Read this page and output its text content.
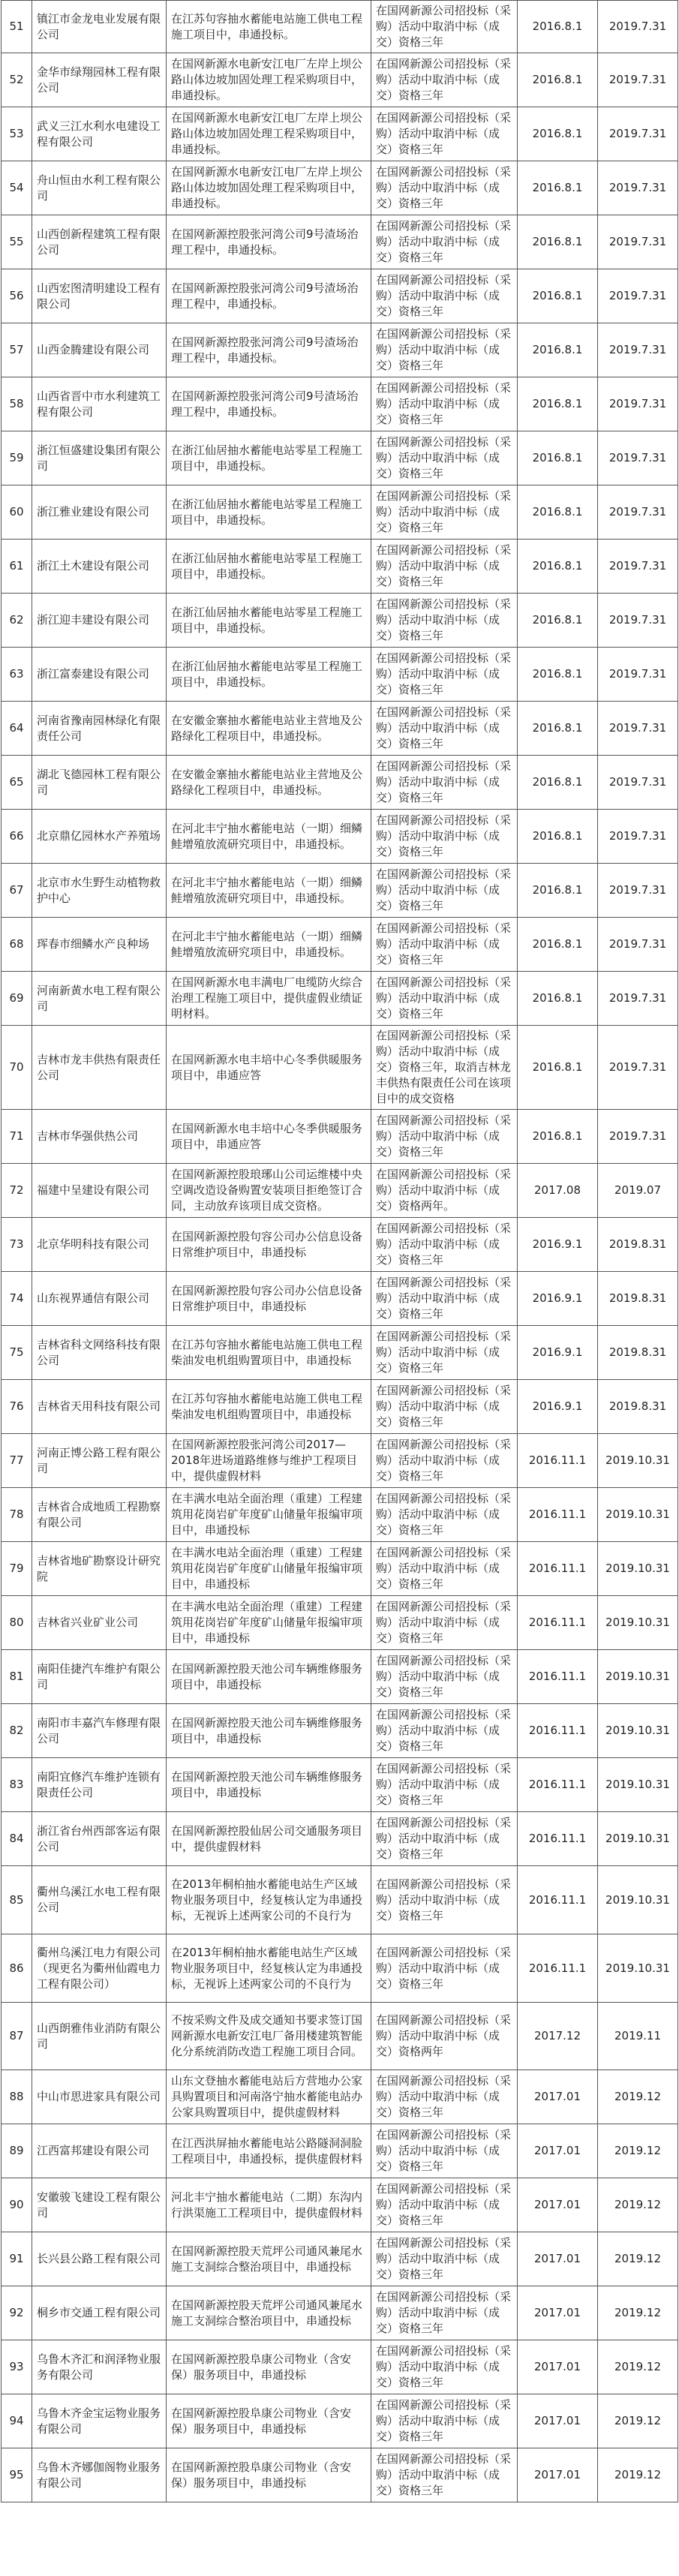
51	镇江市金龙电业发展有限公司	在江苏句容抽水蓄能电站施工供电工程施工项目中，串通投标。	在国网新源公司招投标（采购）活动中取消中标（成交）资格三年	2016.8.1	2019.7.31
52	金华市绿翔园林工程有限公司	在国网新源水电新安江电厂左岸上坝公路山体边坡加固处理工程采购项目中，串通投标。	在国网新源公司招投标（采购）活动中取消中标（成交）资格三年	2016.8.1	2019.7.31
53	武义三江水利水电建设工程有限公司	在国网新源水电新安江电厂左岸上坝公路山体边坡加固处理工程采购项目中，串通投标。	在国网新源公司招投标（采购）活动中取消中标（成交）资格三年	2016.8.1	2019.7.31
54	舟山恒由水利工程有限公司	在国网新源水电新安江电厂左岸上坝公路山体边坡加固处理工程采购项目中，串通投标。	在国网新源公司招投标（采购）活动中取消中标（成交）资格三年	2016.8.1	2019.7.31
55	山西创新程建筑工程有限公司	在国网新源控股张河湾公司9号渣场治理工程中，串通投标。	在国网新源公司招投标（采购）活动中取消中标（成交）资格三年	2016.8.1	2019.7.31
56	山西宏图清明建设工程有限公司	在国网新源控股张河湾公司9号渣场治理工程中，串通投标。	在国网新源公司招投标（采购）活动中取消中标（成交）资格三年	2016.8.1	2019.7.31
57	山西金腾建设有限公司	在国网新源控股张河湾公司9号渣场治理工程中，串通投标。	在国网新源公司招投标（采购）活动中取消中标（成交）资格三年	2016.8.1	2019.7.31
58	山西省晋中市水利建筑工程有限公司	在国网新源控股张河湾公司9号渣场治理工程中，串通投标。	在国网新源公司招投标（采购）活动中取消中标（成交）资格三年	2016.8.1	2019.7.31
59	浙江恒盛建设集团有限公司	在浙江仙居抽水蓄能电站零星工程施工项目中，串通投标。	在国网新源公司招投标（采购）活动中取消中标（成交）资格三年	2016.8.1	2019.7.31
60	浙江雅业建设有限公司	在浙江仙居抽水蓄能电站零星工程施工项目中，串通投标。	在国网新源公司招投标（采购）活动中取消中标（成交）资格三年	2016.8.1	2019.7.31
61	浙江土木建设有限公司	在浙江仙居抽水蓄能电站零星工程施工项目中，串通投标。	在国网新源公司招投标（采购）活动中取消中标（成交）资格三年	2016.8.1	2019.7.31
62	浙江迎丰建设有限公司	在浙江仙居抽水蓄能电站零星工程施工项目中，串通投标。	在国网新源公司招投标（采购）活动中取消中标（成交）资格三年	2016.8.1	2019.7.31
63	浙江富泰建设有限公司	在浙江仙居抽水蓄能电站零星工程施工项目中，串通投标。	在国网新源公司招投标（采购）活动中取消中标（成交）资格三年	2016.8.1	2019.7.31
64	河南省豫南园林绿化有限责任公司	在安徽金寨抽水蓄能电站业主营地及公路绿化工程项目中，串通投标。	在国网新源公司招投标（采购）活动中取消中标（成交）资格三年	2016.8.1	2019.7.31
65	湖北飞德园林工程有限公司	在安徽金寨抽水蓄能电站业主营地及公路绿化工程项目中，串通投标。	在国网新源公司招投标（采购）活动中取消中标（成交）资格三年	2016.8.1	2019.7.31
66	北京鼎亿园林水产养殖场	在河北丰宁抽水蓄能电站（一期）细鳞鲑增殖放流研究项目中，串通投标。	在国网新源公司招投标（采购）活动中取消中标（成交）资格三年	2016.8.1	2019.7.31
67	北京市水生野生动植物救护中心	在河北丰宁抽水蓄能电站（一期）细鳞鲑增殖放流研究项目中，串通投标。	在国网新源公司招投标（采购）活动中取消中标（成交）资格三年	2016.8.1	2019.7.31
68	珲春市细鳞水产良种场	在河北丰宁抽水蓄能电站（一期）细鳞鲑增殖放流研究项目中，串通投标。	在国网新源公司招投标（采购）活动中取消中标（成交）资格三年	2016.8.1	2019.7.31
69	河南新黄水电工程有限公司	在国网新源水电丰满电厂电缆防火综合治理工程施工项目中，提供虚假业绩证明材料。	在国网新源公司招投标（采购）活动中取消中标（成交）资格三年	2016.8.1	2019.7.31
70	吉林市龙丰供热有限责任公司	在国网新源水电丰培中心冬季供暖服务项目中，串通应答	在国网新源公司招投标（采购）活动中取消中标（成交）资格三年，取消吉林龙丰供热有限责任公司在该项目中的成交资格	2016.8.1	2019.7.31
71	吉林市华强供热公司	在国网新源水电丰培中心冬季供暖服务项目中，串通应答	在国网新源公司招投标（采购）活动中取消中标（成交）资格三年	2016.8.1	2019.7.31
72	福建中呈建设有限公司	在国网新源控股琅琊山公司运维楼中央空调改造设备购置安装项目拒绝签订合同，主动放弃该项目成交资格。	在国网新源公司招投标（采购）活动中取消中标（成交）资格两年。	2017.08	2019.07
73	北京华明科技有限公司	在国网新源控股句容公司办公信息设备日常维护项目中，串通投标	在国网新源公司招投标（采购）活动中取消中标（成交）资格三年	2016.9.1	2019.8.31
74	山东视界通信有限公司	在国网新源控股句容公司办公信息设备日常维护项目中，串通投标	在国网新源公司招投标（采购）活动中取消中标（成交）资格三年	2016.9.1	2019.8.31
75	吉林省科文网络科技有限公司	在江苏句容抽水蓄能电站施工供电工程柴油发电机组购置项目中，串通投标	在国网新源公司招投标（采购）活动中取消中标（成交）资格三年	2016.9.1	2019.8.31
76	吉林省天用科技有限公司	在江苏句容抽水蓄能电站施工供电工程柴油发电机组购置项目中，串通投标	在国网新源公司招投标（采购）活动中取消中标（成交）资格三年	2016.9.1	2019.8.31
77	河南正博公路工程有限公司	在国网新源控股张河湾公司2017—2018年进场道路维修与维护工程项目中，提供虚假材料	在国网新源公司招投标（采购）活动中取消中标（成交）资格三年	2016.11.1	2019.10.31
78	吉林省合成地质工程勘察有限公司	在丰满水电站全面治理（重建）工程建筑用花岗岩矿年度矿山储量年报编审项目中，串通投标	在国网新源公司招投标（采购）活动中取消中标（成交）资格三年	2016.11.1	2019.10.31
79	吉林省地矿勘察设计研究院	在丰满水电站全面治理（重建）工程建筑用花岗岩矿年度矿山储量年报编审项目中，串通投标	在国网新源公司招投标（采购）活动中取消中标（成交）资格三年	2016.11.1	2019.10.31
80	吉林省兴业矿业公司	在丰满水电站全面治理（重建）工程建筑用花岗岩矿年度矿山储量年报编审项目中，串通投标	在国网新源公司招投标（采购）活动中取消中标（成交）资格三年	2016.11.1	2019.10.31
81	南阳佳捷汽车维护有限公司	在国网新源控股天池公司车辆维修服务项目中，串通投标	在国网新源公司招投标（采购）活动中取消中标（成交）资格三年	2016.11.1	2019.10.31
82	南阳市丰嘉汽车修理有限公司	在国网新源控股天池公司车辆维修服务项目中，串通投标	在国网新源公司招投标（采购）活动中取消中标（成交）资格三年	2016.11.1	2019.10.31
83	南阳宜修汽车维护连锁有限责任公司	在国网新源控股天池公司车辆维修服务项目中，串通投标	在国网新源公司招投标（采购）活动中取消中标（成交）资格三年	2016.11.1	2019.10.31
84	浙江省台州西部客运有限公司	在国网新源控股仙居公司交通服务项目中，提供虚假材料	在国网新源公司招投标（采购）活动中取消中标（成交）资格三年	2016.11.1	2019.10.31
85	衢州乌溪江水电工程有限公司	在2013年桐柏抽水蓄能电站生产区域物业服务项目中，经复核认定为串通投标，无视诉上述两家公司的不良行为	在国网新源公司招投标（采购）活动中取消中标（成交）资格三年	2016.11.1	2019.10.31
86	衢州乌溪江电力有限公司（现更名为衢州仙霞电力工程有限公司）	在2013年桐柏抽水蓄能电站生产区域物业服务项目中，经复核认定为串通投标，无视诉上述两家公司的不良行为	在国网新源公司招投标（采购）活动中取消中标（成交）资格三年	2016.11.1	2019.10.31
87	山西朗雅伟业消防有限公司	不按采购文件及成交通知书要求签订国网新源水电新安江电厂备用楼建筑智能化分系统消防改造工程施工项目合同。	在国网新源公司招投标（采购）活动中取消中标（成交）资格两年	2017.12	2019.11
88	中山市思进家具有限公司	山东文登抽水蓄能电站后方营地办公家具购置项目和河南洛宁抽水蓄能电站办公家具购置项目中，提供虚假材料	在国网新源公司招投标（采购）活动中取消中标（成交）资格三年	2017.01	2019.12
89	江西富邦建设有限公司	在江西洪屏抽水蓄能电站公路隧洞洞脸工程项目中，串通投标，提供虚假材料	在国网新源公司招投标（采购）活动中取消中标（成交）资格三年	2017.01	2019.12
90	安徽骏飞建设工程有限公司	河北丰宁抽水蓄能电站（二期）东沟内行洪渠施工工程项目中，提供虚假材料	在国网新源公司招投标（采购）活动中取消中标（成交）资格三年	2017.01	2019.12
91	长兴县公路工程有限公司	在国网新源控股天荒坪公司通风兼尾水施工支洞综合整治项目中，串通投标	在国网新源公司招投标（采购）活动中取消中标（成交）资格三年	2017.01	2019.12
92	桐乡市交通工程有限公司	在国网新源控股天荒坪公司通风兼尾水施工支洞综合整治项目中，串通投标	在国网新源公司招投标（采购）活动中取消中标（成交）资格三年	2017.01	2019.12
93	乌鲁木齐汇和润泽物业服务有限公司	在国网新源控股阜康公司物业（含安保）服务项目中，串通投标	在国网新源公司招投标（采购）活动中取消中标（成交）资格三年	2017.01	2019.12
94	乌鲁木齐金宝运物业服务有限公司	在国网新源控股阜康公司物业（含安保）服务项目中，串通投标	在国网新源公司招投标（采购）活动中取消中标（成交）资格三年	2017.01	2019.12
95	乌鲁木齐娜伽阁物业服务有限公司	在国网新源控股阜康公司物业（含安保）服务项目中，串通投标	在国网新源公司招投标（采购）活动中取消中标（成交）资格三年	2017.01	2019.12
